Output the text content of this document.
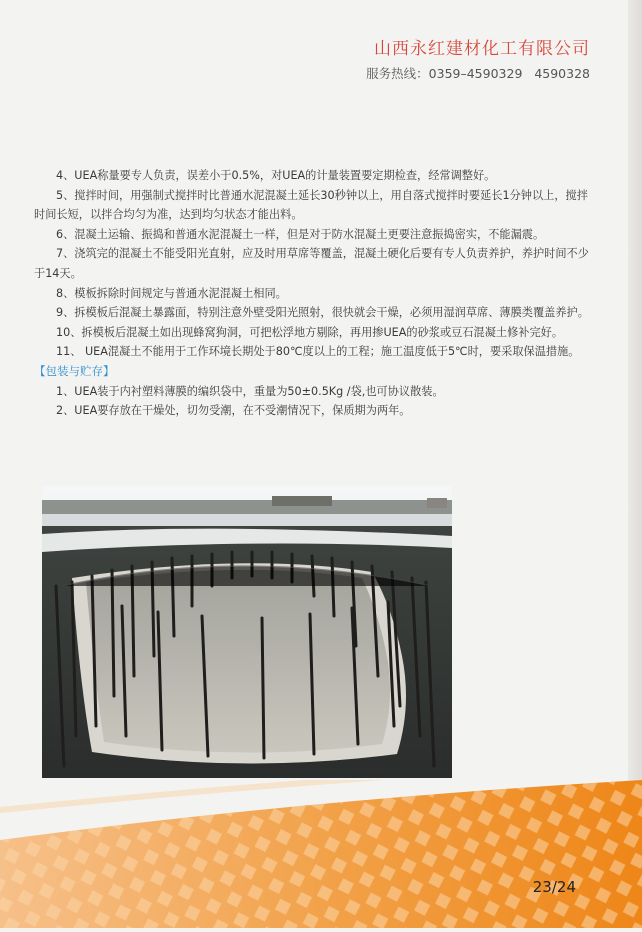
山西永红建材化工有限公司
服务热线：0359–4590329   4590328

4、UEA称量要专人负责，误差小于0.5%，对UEA的计量装置要定期检查，经常调整好。

5、搅拌时间，用强制式搅拌时比普通水泥混凝土延长30秒钟以上，用自落式搅拌时要延长1分钟以上，搅拌时间长短，以拌合均匀为准，达到均匀状态才能出料。

6、混凝土运输、振捣和普通水泥混凝土一样，但是对于防水混凝土更要注意振捣密实，不能漏震。

7、浇筑完的混凝土不能受阳光直射，应及时用草席等覆盖，混凝土硬化后要有专人负责养护，养护时间不少于14天。

8、模板拆除时间规定与普通水泥混凝土相同。

9、拆模板后混凝土暴露面，特别注意外壁受阳光照射，很快就会干燥，必须用湿润草席、薄膜类覆盖养护。

10、拆模板后混凝土如出现蜂窝狗洞，可把松浮地方剔除，再用掺UEA的砂浆或豆石混凝土修补完好。

11、 UEA混凝土不能用于工作环境长期处于80℃度以上的工程；施工温度低于5℃时，要采取保温措施。

【包装与贮存】

1、UEA装于内衬塑料薄膜的编织袋中，重量为50±0.5Kg /袋,也可协议散装。

2、UEA要存放在干燥处，切勿受潮，在不受潮情况下，保质期为两年。

23/24
